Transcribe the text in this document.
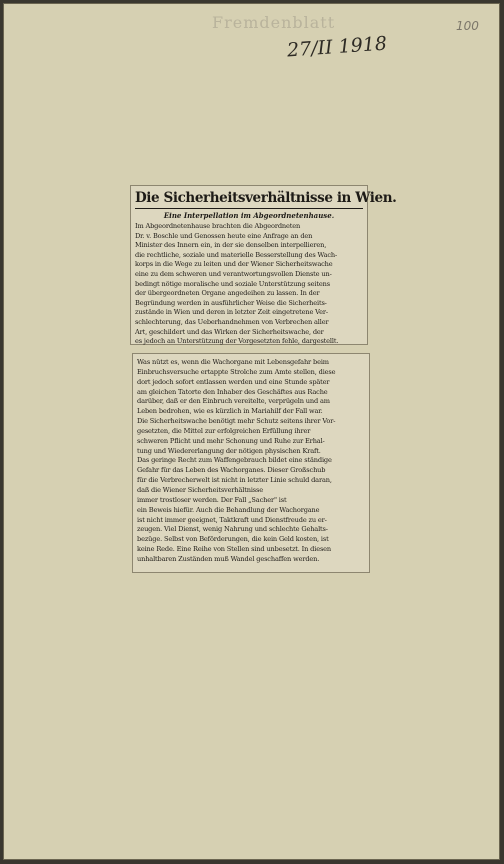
Fremdenblatt
27/II 1918
100
Die Sicherheitsverhältnisse in Wien.
Eine Interpellation im Abgeordnetenhause.
Im Abgeordnetenhause brachten die Abgeordneten
Dr. v. Boschle und Genossen heute eine Anfrage an den
Minister des Innern ein, in der sie denselben interpellieren,
die rechtliche, soziale und materielle Besserstellung des Wach-
korps in die Wege zu leiten und der Wiener Sicherheitswache
eine zu dem schweren und verantwortungsvollen Dienste un-
bedingt nötige moralische und soziale Unterstützung seitens
der übergeordneten Organe angedeihen zu lassen. In der
Begründung werden in ausführlicher Weise die Sicherheits-
zustände in Wien und deren in letzter Zeit eingetretene Ver-
schlechterung, das Ueberhandnehmen von Verbrechen aller
Art, geschildert und das Wirken der Sicherheitswache, der
es jedoch an Unterstützung der Vorgesetzten fehle, dargestellt.
Was nützt es, wenn die Wachorgane mit Lebensgefahr beim
Einbruchsversuche ertappte Strolche zum Amte stellen, diese
dort jedoch sofort entlassen werden und eine Stunde später
am gleichen Tatorte den Inhaber des Geschäftes aus Rache
darüber, daß er den Einbruch vereitelte, verprügeln und am
Leben bedrohen, wie es kürzlich in Mariahilf der Fall war.
Die Sicherheitswache benötigt mehr Schutz seitens ihrer Vor-
gesetzten, die Mittel zur erfolgreichen Erfüllung ihrer
schweren Pflicht und mehr Schonung und Ruhe zur Erhal-
tung und Wiedererlangung der nötigen physischen Kraft.
Das geringe Recht zum Waffengebrauch bildet eine ständige
Gefahr für das Leben des Wachorganes. Dieser Großschub
für die Verbrecherwelt ist nicht in letzter Linie schuld daran,
daß die Wiener Sicherheitsverhältnisse
immer trostloser werden. Der Fall „Sacher" ist
ein Beweis hiefür. Auch die Behandlung der Wachorgane
ist nicht immer geeignet, Taktkraft und Dienstfreude zu er-
zeugen. Viel Dienst, wenig Nahrung und schlechte Gehalts-
bezüge. Selbst von Beförderungen, die kein Geld kosten, ist
keine Rede. Eine Reihe von Stellen sind unbesetzt. In diesen
unhaltbaren Zuständen muß Wandel geschaffen werden.
